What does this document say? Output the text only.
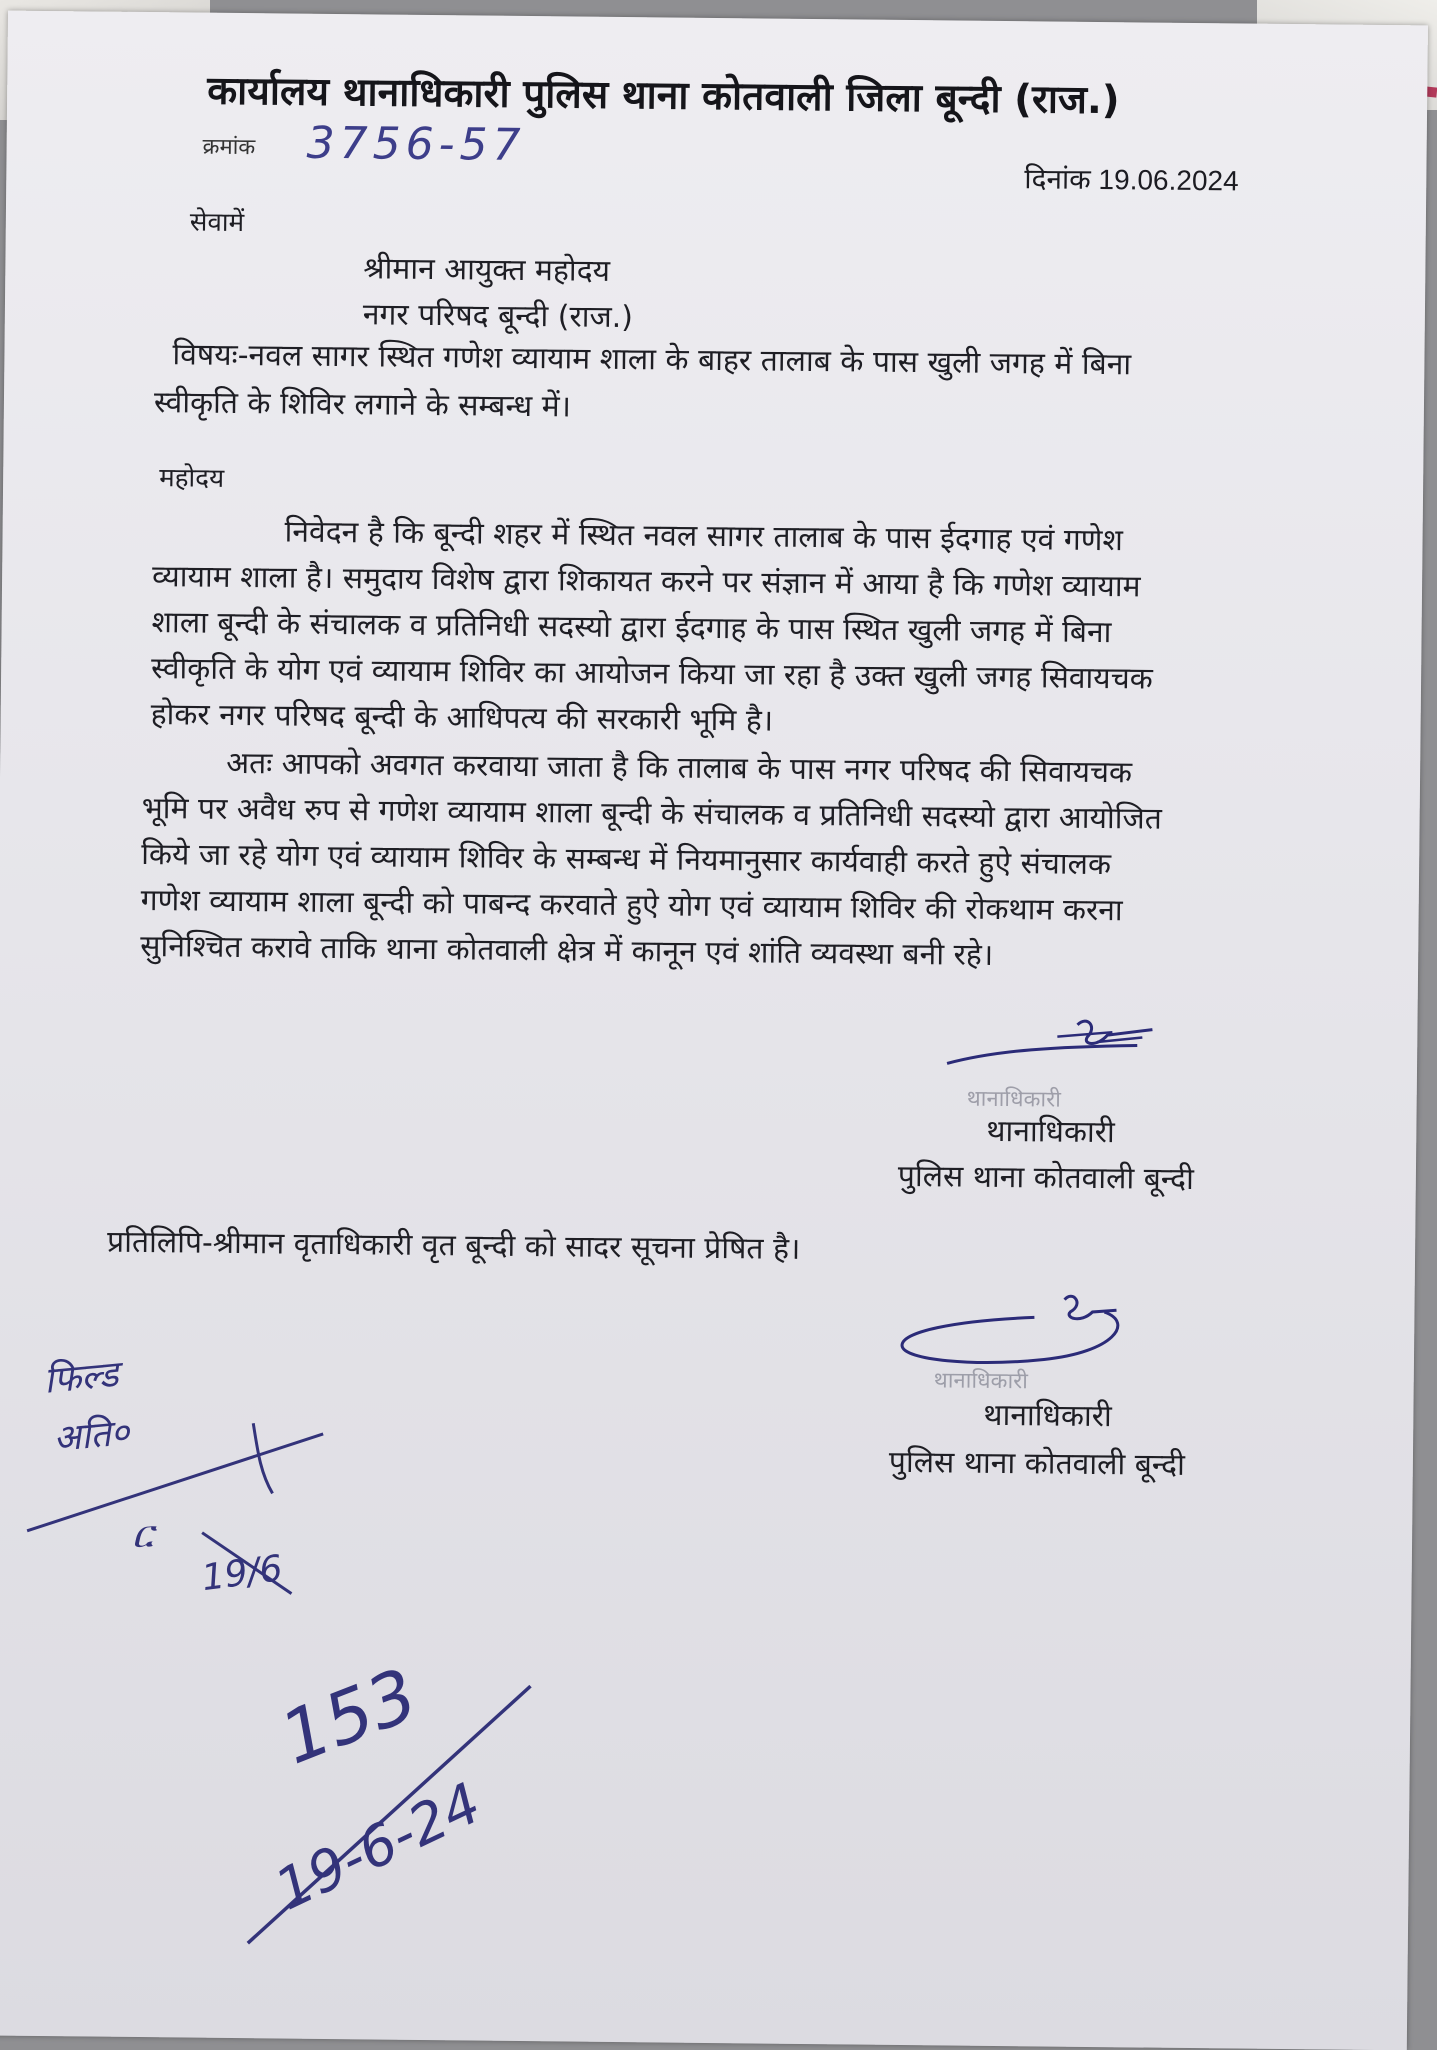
कार्यालय थानाधिकारी पुलिस थाना कोतवाली जिला बून्दी (राज.)
क्रमांक 3756-57
दिनांक 19.06.2024
सेवामें
श्रीमान आयुक्त महोदय
नगर परिषद बून्दी (राज.)
विषयः-नवल सागर स्थित गणेश व्यायाम शाला के बाहर तालाब के पास खुली जगह में बिना
स्वीकृति के शिविर लगाने के सम्बन्ध में।
महोदय
निवेदन है कि बून्दी शहर में स्थित नवल सागर तालाब के पास ईदगाह एवं गणेश
व्यायाम शाला है। समुदाय विशेष द्वारा शिकायत करने पर संज्ञान में आया है कि गणेश व्यायाम
शाला बून्दी के संचालक व प्रतिनिधी सदस्यो द्वारा ईदगाह के पास स्थित खुली जगह में बिना
स्वीकृति के योग एवं व्यायाम शिविर का आयोजन किया जा रहा है उक्त खुली जगह सिवायचक
होकर नगर परिषद बून्दी के आधिपत्य की सरकारी भूमि है।
अतः आपको अवगत करवाया जाता है कि तालाब के पास नगर परिषद की सिवायचक
भूमि पर अवैध रुप से गणेश व्यायाम शाला बून्दी के संचालक व प्रतिनिधी सदस्यो द्वारा आयोजित
किये जा रहे योग एवं व्यायाम शिविर के सम्बन्ध में नियमानुसार कार्यवाही करते हुऐ संचालक
गणेश व्यायाम शाला बून्दी को पाबन्द करवाते हुऐ योग एवं व्यायाम शिविर की रोकथाम करना
सुनिश्चित करावे ताकि थाना कोतवाली क्षेत्र में कानून एवं शांति व्यवस्था बनी रहे।
थानाधिकारी
थानाधिकारी
पुलिस थाना कोतवाली बून्दी
प्रतिलिपि-श्रीमान वृताधिकारी वृत बून्दी को सादर सूचना प्रेषित है।
थानाधिकारी
थानाधिकारी
पुलिस थाना कोतवाली बून्दी
फिल्ड
अति०
ር
19/6
153
19-6-24
